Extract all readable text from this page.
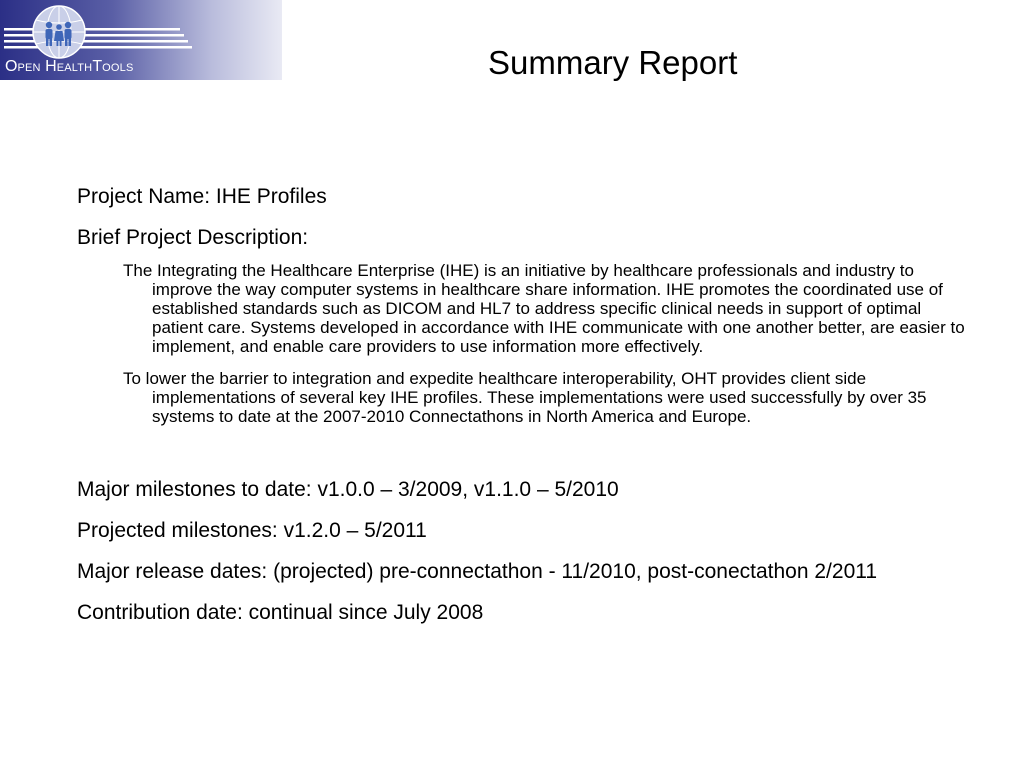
OPEN HEALTHTOOLS	Summary Report

Project Name: IHE Profiles

Brief Project Description:

The Integrating the Healthcare Enterprise (IHE) is an initiative by healthcare professionals and industry to improve the way computer systems in healthcare share information. IHE promotes the coordinated use of established standards such as DICOM and HL7 to address specific clinical needs in support of optimal patient care. Systems developed in accordance with IHE communicate with one another better, are easier to implement, and enable care providers to use information more effectively.

To lower the barrier to integration and expedite healthcare interoperability, OHT provides client side implementations of several key IHE profiles. These implementations were used successfully by over 35 systems to date at the 2007-2010 Connectathons in North America and Europe.

Major milestones to date: v1.0.0 – 3/2009, v1.1.0 – 5/2010

Projected milestones: v1.2.0 – 5/2011

Major release dates: (projected) pre-connectathon - 11/2010, post-conectathon 2/2011

Contribution date: continual since July 2008
